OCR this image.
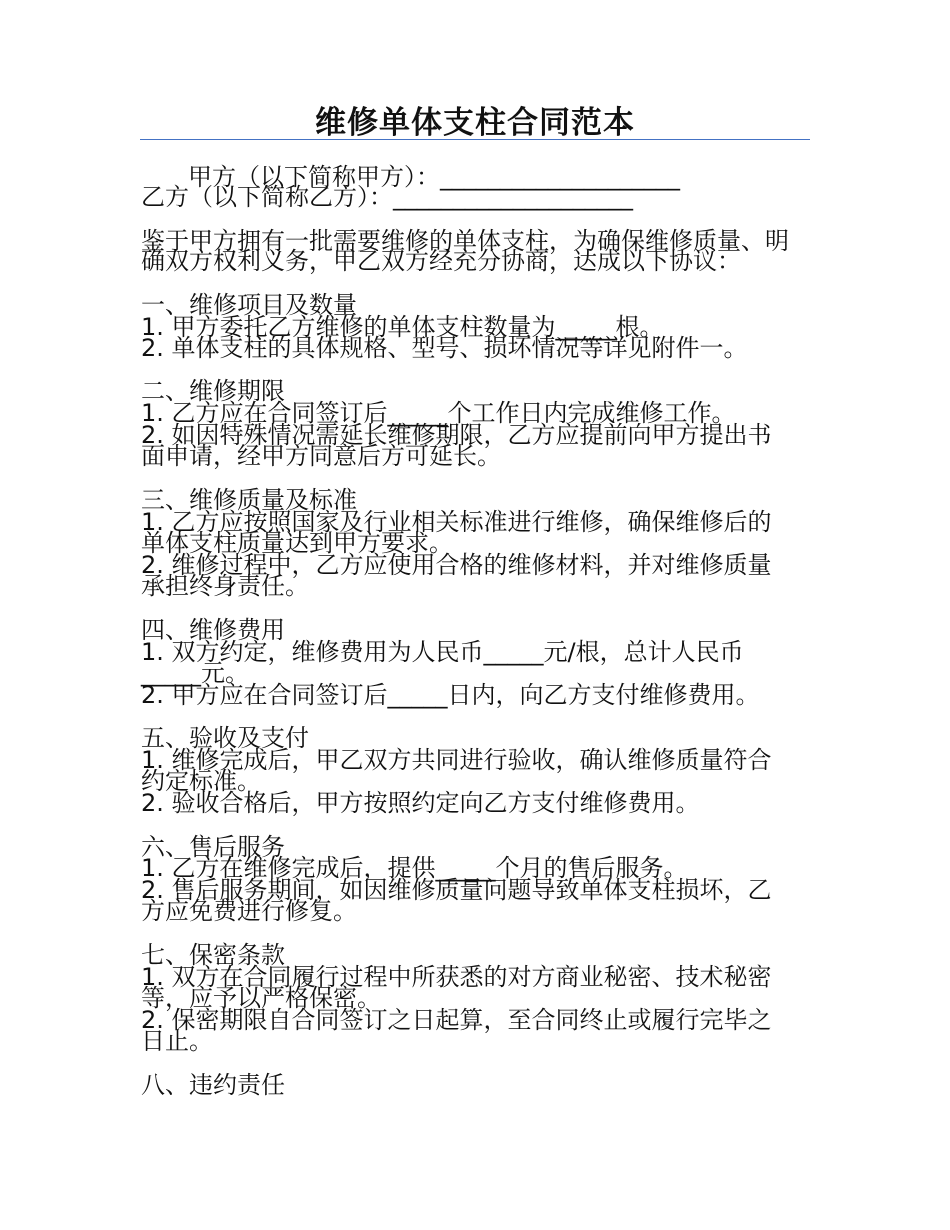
维修单体支柱合同范本
甲方（以下简称甲方）：____________________
乙方（以下简称乙方）：____________________
鉴于甲方拥有一批需要维修的单体支柱，为确保维修质量、明
确双方权利义务，甲乙双方经充分协商，达成以下协议：
一、维修项目及数量
1. 甲方委托乙方维修的单体支柱数量为_____根。
2. 单体支柱的具体规格、型号、损坏情况等详见附件一。
二、维修期限
1. 乙方应在合同签订后_____个工作日内完成维修工作。
2. 如因特殊情况需延长维修期限，乙方应提前向甲方提出书
面申请，经甲方同意后方可延长。
三、维修质量及标准
1. 乙方应按照国家及行业相关标准进行维修，确保维修后的
单体支柱质量达到甲方要求。
2. 维修过程中，乙方应使用合格的维修材料，并对维修质量
承担终身责任。
四、维修费用
1. 双方约定，维修费用为人民币_____元/根，总计人民币
_____元。
2. 甲方应在合同签订后_____日内，向乙方支付维修费用。
五、验收及支付
1. 维修完成后，甲乙双方共同进行验收，确认维修质量符合
约定标准。
2. 验收合格后，甲方按照约定向乙方支付维修费用。
六、售后服务
1. 乙方在维修完成后，提供_____个月的售后服务。
2. 售后服务期间，如因维修质量问题导致单体支柱损坏，乙
方应免费进行修复。
七、保密条款
1. 双方在合同履行过程中所获悉的对方商业秘密、技术秘密
等，应予以严格保密。
2. 保密期限自合同签订之日起算，至合同终止或履行完毕之
日止。
八、违约责任
